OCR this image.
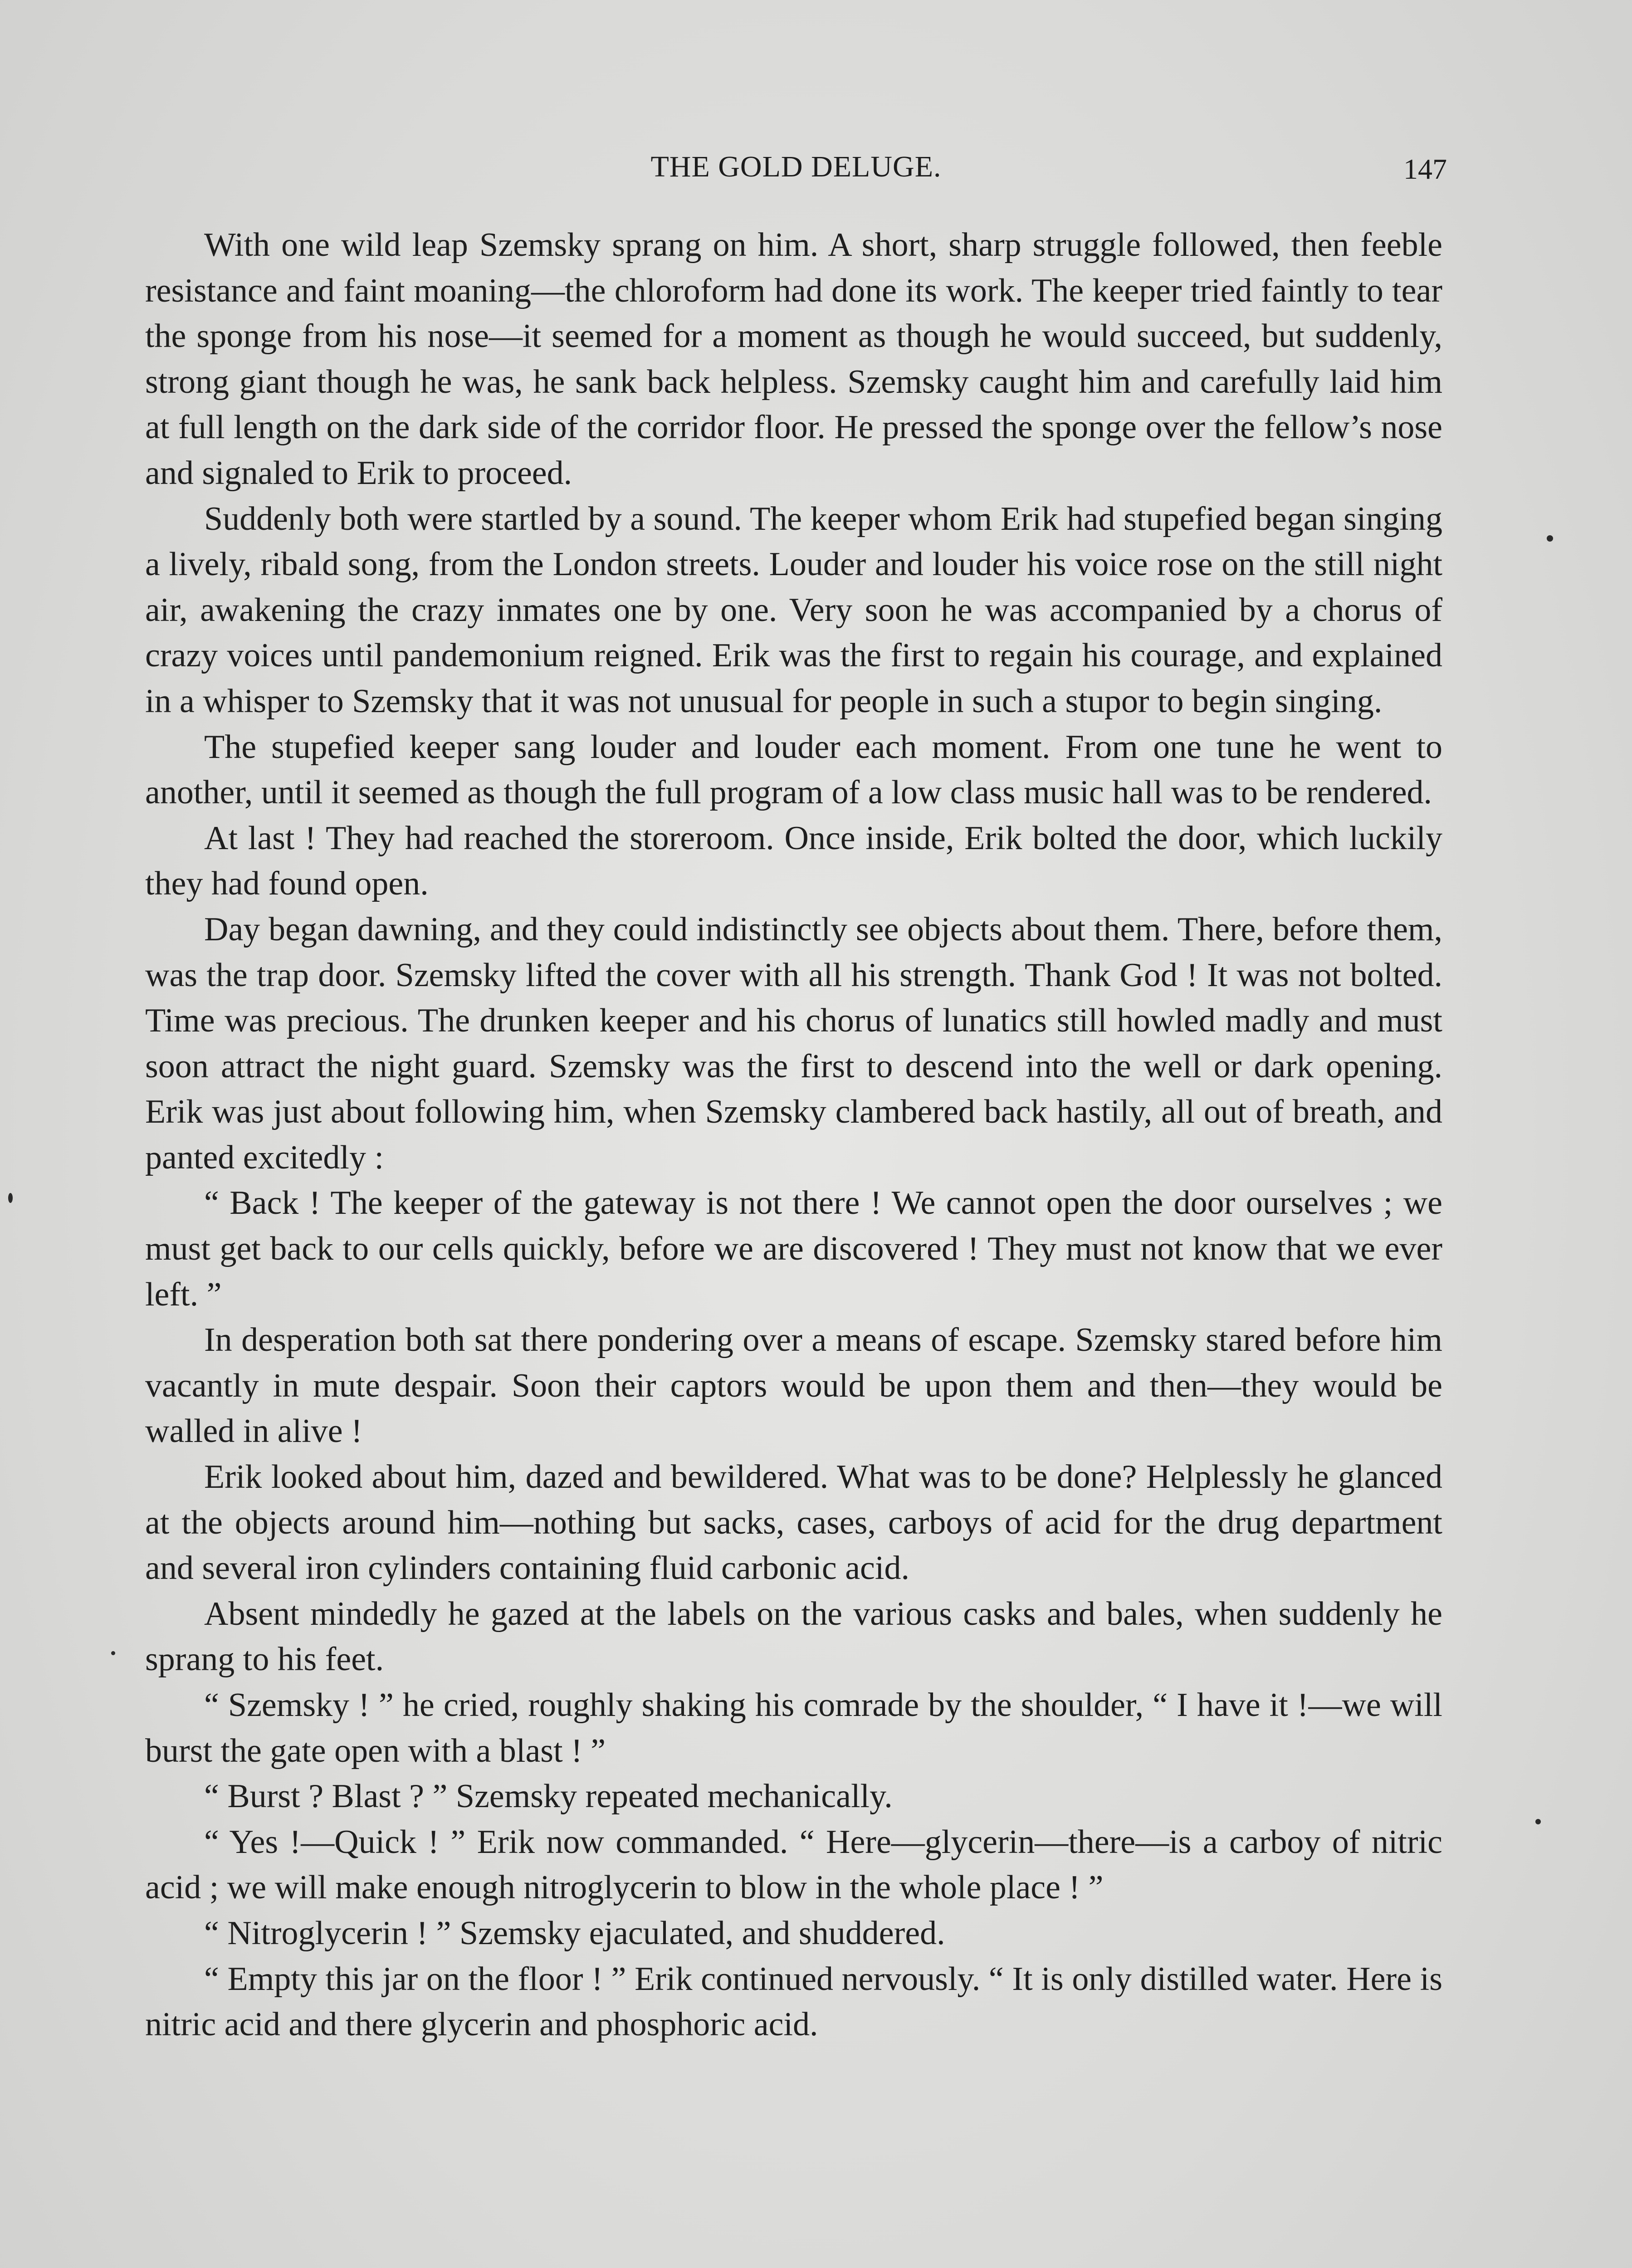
THE GOLD DELUGE.	147

With one wild leap Szemsky sprang on him. A short, sharp struggle followed, then feeble resistance and faint moaning—the chloroform had done its work. The keeper tried faintly to tear the sponge from his nose—it seemed for a moment as though he would succeed, but suddenly, strong giant though he was, he sank back helpless. Szemsky caught him and carefully laid him at full length on the dark side of the corridor floor. He pressed the sponge over the fellow’s nose and signaled to Erik to proceed.

Suddenly both were startled by a sound. The keeper whom Erik had stupefied began singing a lively, ribald song, from the London streets. Louder and louder his voice rose on the still night air, awakening the crazy inmates one by one. Very soon he was accompanied by a chorus of crazy voices until pandemonium reigned. Erik was the first to regain his courage, and explained in a whisper to Szemsky that it was not unusual for people in such a stupor to begin singing.

The stupefied keeper sang louder and louder each moment. From one tune he went to another, until it seemed as though the full program of a low class music hall was to be rendered.

At last ! They had reached the storeroom. Once inside, Erik bolted the door, which luckily they had found open.

Day began dawning, and they could indistinctly see objects about them. There, before them, was the trap door. Szemsky lifted the cover with all his strength. Thank God ! It was not bolted. Time was precious. The drunken keeper and his chorus of lunatics still howled madly and must soon attract the night guard. Szemsky was the first to descend into the well or dark opening. Erik was just about following him, when Szemsky clambered back hastily, all out of breath, and panted excitedly :

“ Back ! The keeper of the gateway is not there ! We cannot open the door ourselves ; we must get back to our cells quickly, before we are discovered ! They must not know that we ever left. ”

In desperation both sat there pondering over a means of escape. Szemsky stared before him vacantly in mute despair. Soon their captors would be upon them and then—they would be walled in alive !

Erik looked about him, dazed and bewildered. What was to be done? Helplessly he glanced at the objects around him—nothing but sacks, cases, carboys of acid for the drug department and several iron cylinders containing fluid carbonic acid.

Absent mindedly he gazed at the labels on the various casks and bales, when suddenly he sprang to his feet.

“ Szemsky ! ” he cried, roughly shaking his comrade by the shoulder, “ I have it !—we will burst the gate open with a blast ! ”

“ Burst ? Blast ? ” Szemsky repeated mechanically.

“ Yes !—Quick ! ” Erik now commanded. “ Here—glycerin—there—is a carboy of nitric acid ; we will make enough nitroglycerin to blow in the whole place ! ”

“ Nitroglycerin ! ” Szemsky ejaculated, and shuddered.

“ Empty this jar on the floor ! ” Erik continued nervously. “ It is only distilled water. Here is nitric acid and there glycerin and phosphoric acid.
